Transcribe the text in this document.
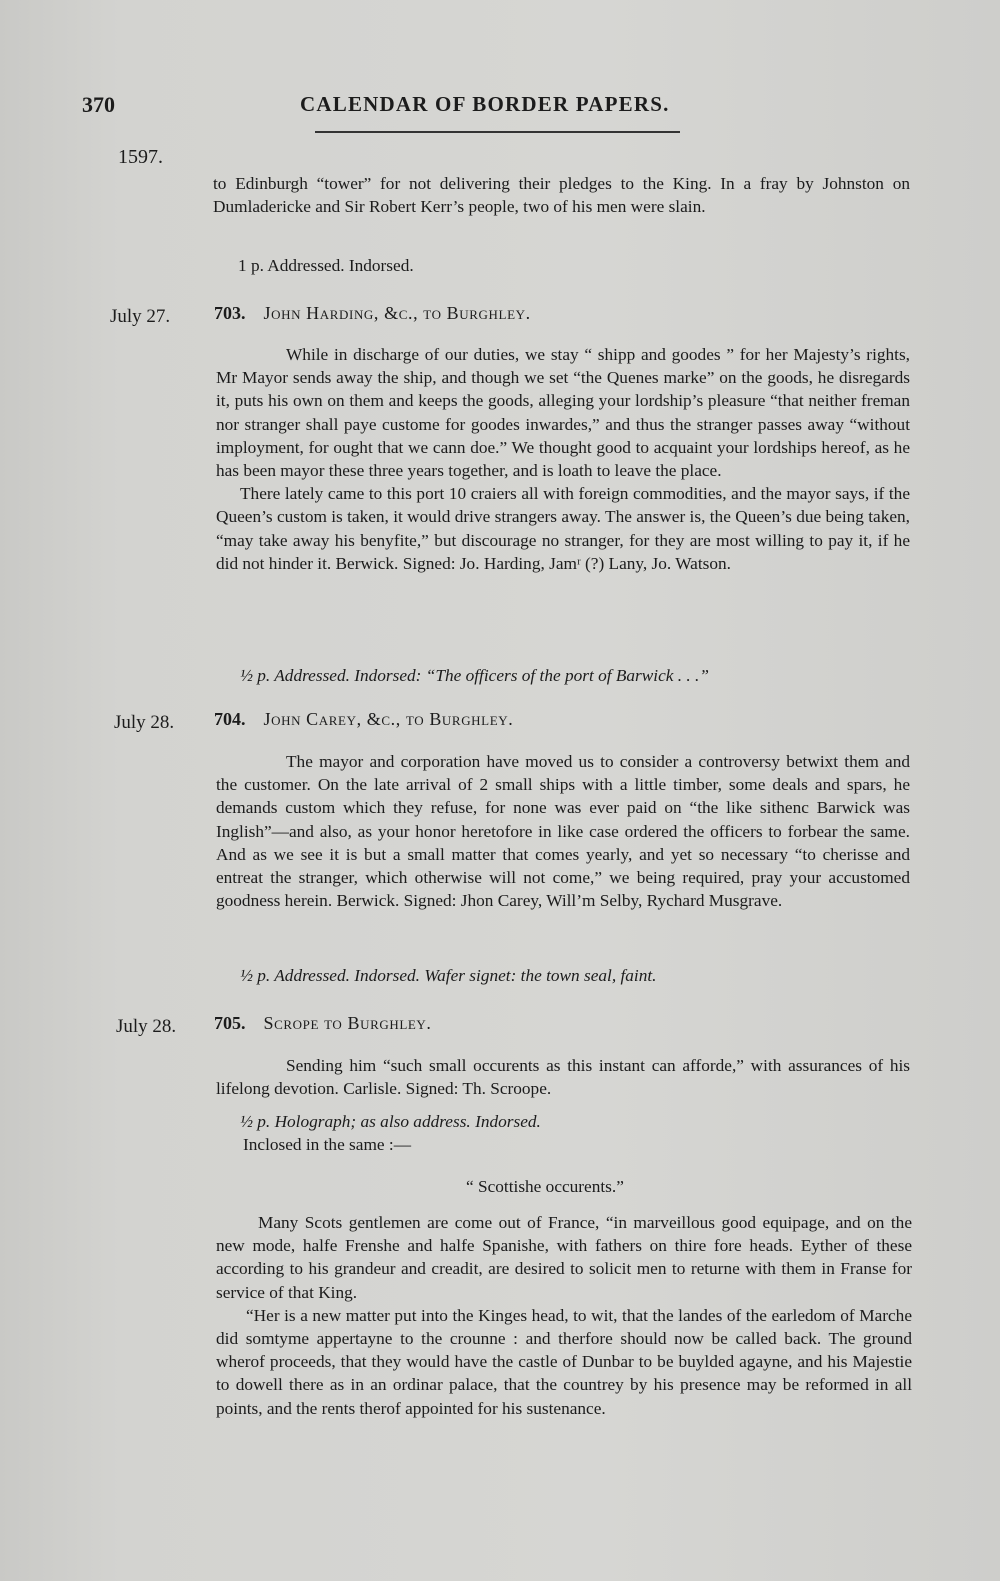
370	CALENDAR OF BORDER PAPERS.
1597.

to Edinburgh “tower” for not delivering their pledges to the King. In a fray by Johnston on Dumladericke and Sir Robert Kerr’s people, two of his men were slain.

1 p. Addressed. Indorsed.
July 27. 703. John Harding, &c., to Burghley.

While in discharge of our duties, we stay “ shipp and goodes ” for her Majesty’s rights, Mr Mayor sends away the ship, and though we set “the Quenes marke” on the goods, he disregards it, puts his own on them and keeps the goods, alleging your lordship’s pleasure “that neither freman nor stranger shall paye custome for goodes inwardes,” and thus the stranger passes away “without imployment, for ought that we cann doe.” We thought good to acquaint your lordships hereof, as he has been mayor these three years together, and is loath to leave the place.

There lately came to this port 10 craiers all with foreign commodities, and the mayor says, if the Queen’s custom is taken, it would drive strangers away. The answer is, the Queen’s due being taken, “may take away his benyfite,” but discourage no stranger, for they are most willing to pay it, if he did not hinder it. Berwick. Signed: Jo. Harding, Jamʳ (?) Lany, Jo. Watson.

½ p. Addressed. Indorsed: “The officers of the port of Barwick . . .”
July 28. 704. John Carey, &c., to Burghley.

The mayor and corporation have moved us to consider a controversy betwixt them and the customer. On the late arrival of 2 small ships with a little timber, some deals and spars, he demands custom which they refuse, for none was ever paid on “the like sithenc Barwick was Inglish”—and also, as your honor heretofore in like case ordered the officers to forbear the same. And as we see it is but a small matter that comes yearly, and yet so necessary “to cherisse and entreat the stranger, which otherwise will not come,” we being required, pray your accustomed goodness herein. Berwick. Signed: Jhon Carey, Will’m Selby, Rychard Musgrave.

½ p. Addressed. Indorsed. Wafer signet: the town seal, faint.
July 28. 705. Scrope to Burghley.

Sending him “such small occurents as this instant can afforde,” with assurances of his lifelong devotion. Carlisle. Signed: Th. Scroope.

½ p. Holograph; as also address. Indorsed.
Inclosed in the same :—
“ Scottishe occurents.”

Many Scots gentlemen are come out of France, “in marveillous good equipage, and on the new mode, halfe Frenshe and halfe Spanishe, with fathers on thire fore heads. Eyther of these according to his grandeur and creadit, are desired to solicit men to returne with them in Franse for service of that King.

“Her is a new matter put into the Kinges head, to wit, that the landes of the earledom of Marche did somtyme appertayne to the crounne : and therfore should now be called back. The ground wherof proceeds, that they would have the castle of Dunbar to be buylded agayne, and his Majestie to dowell there as in an ordinar palace, that the countrey by his presence may be reformed in all points, and the rents therof appointed for his sustenance.
